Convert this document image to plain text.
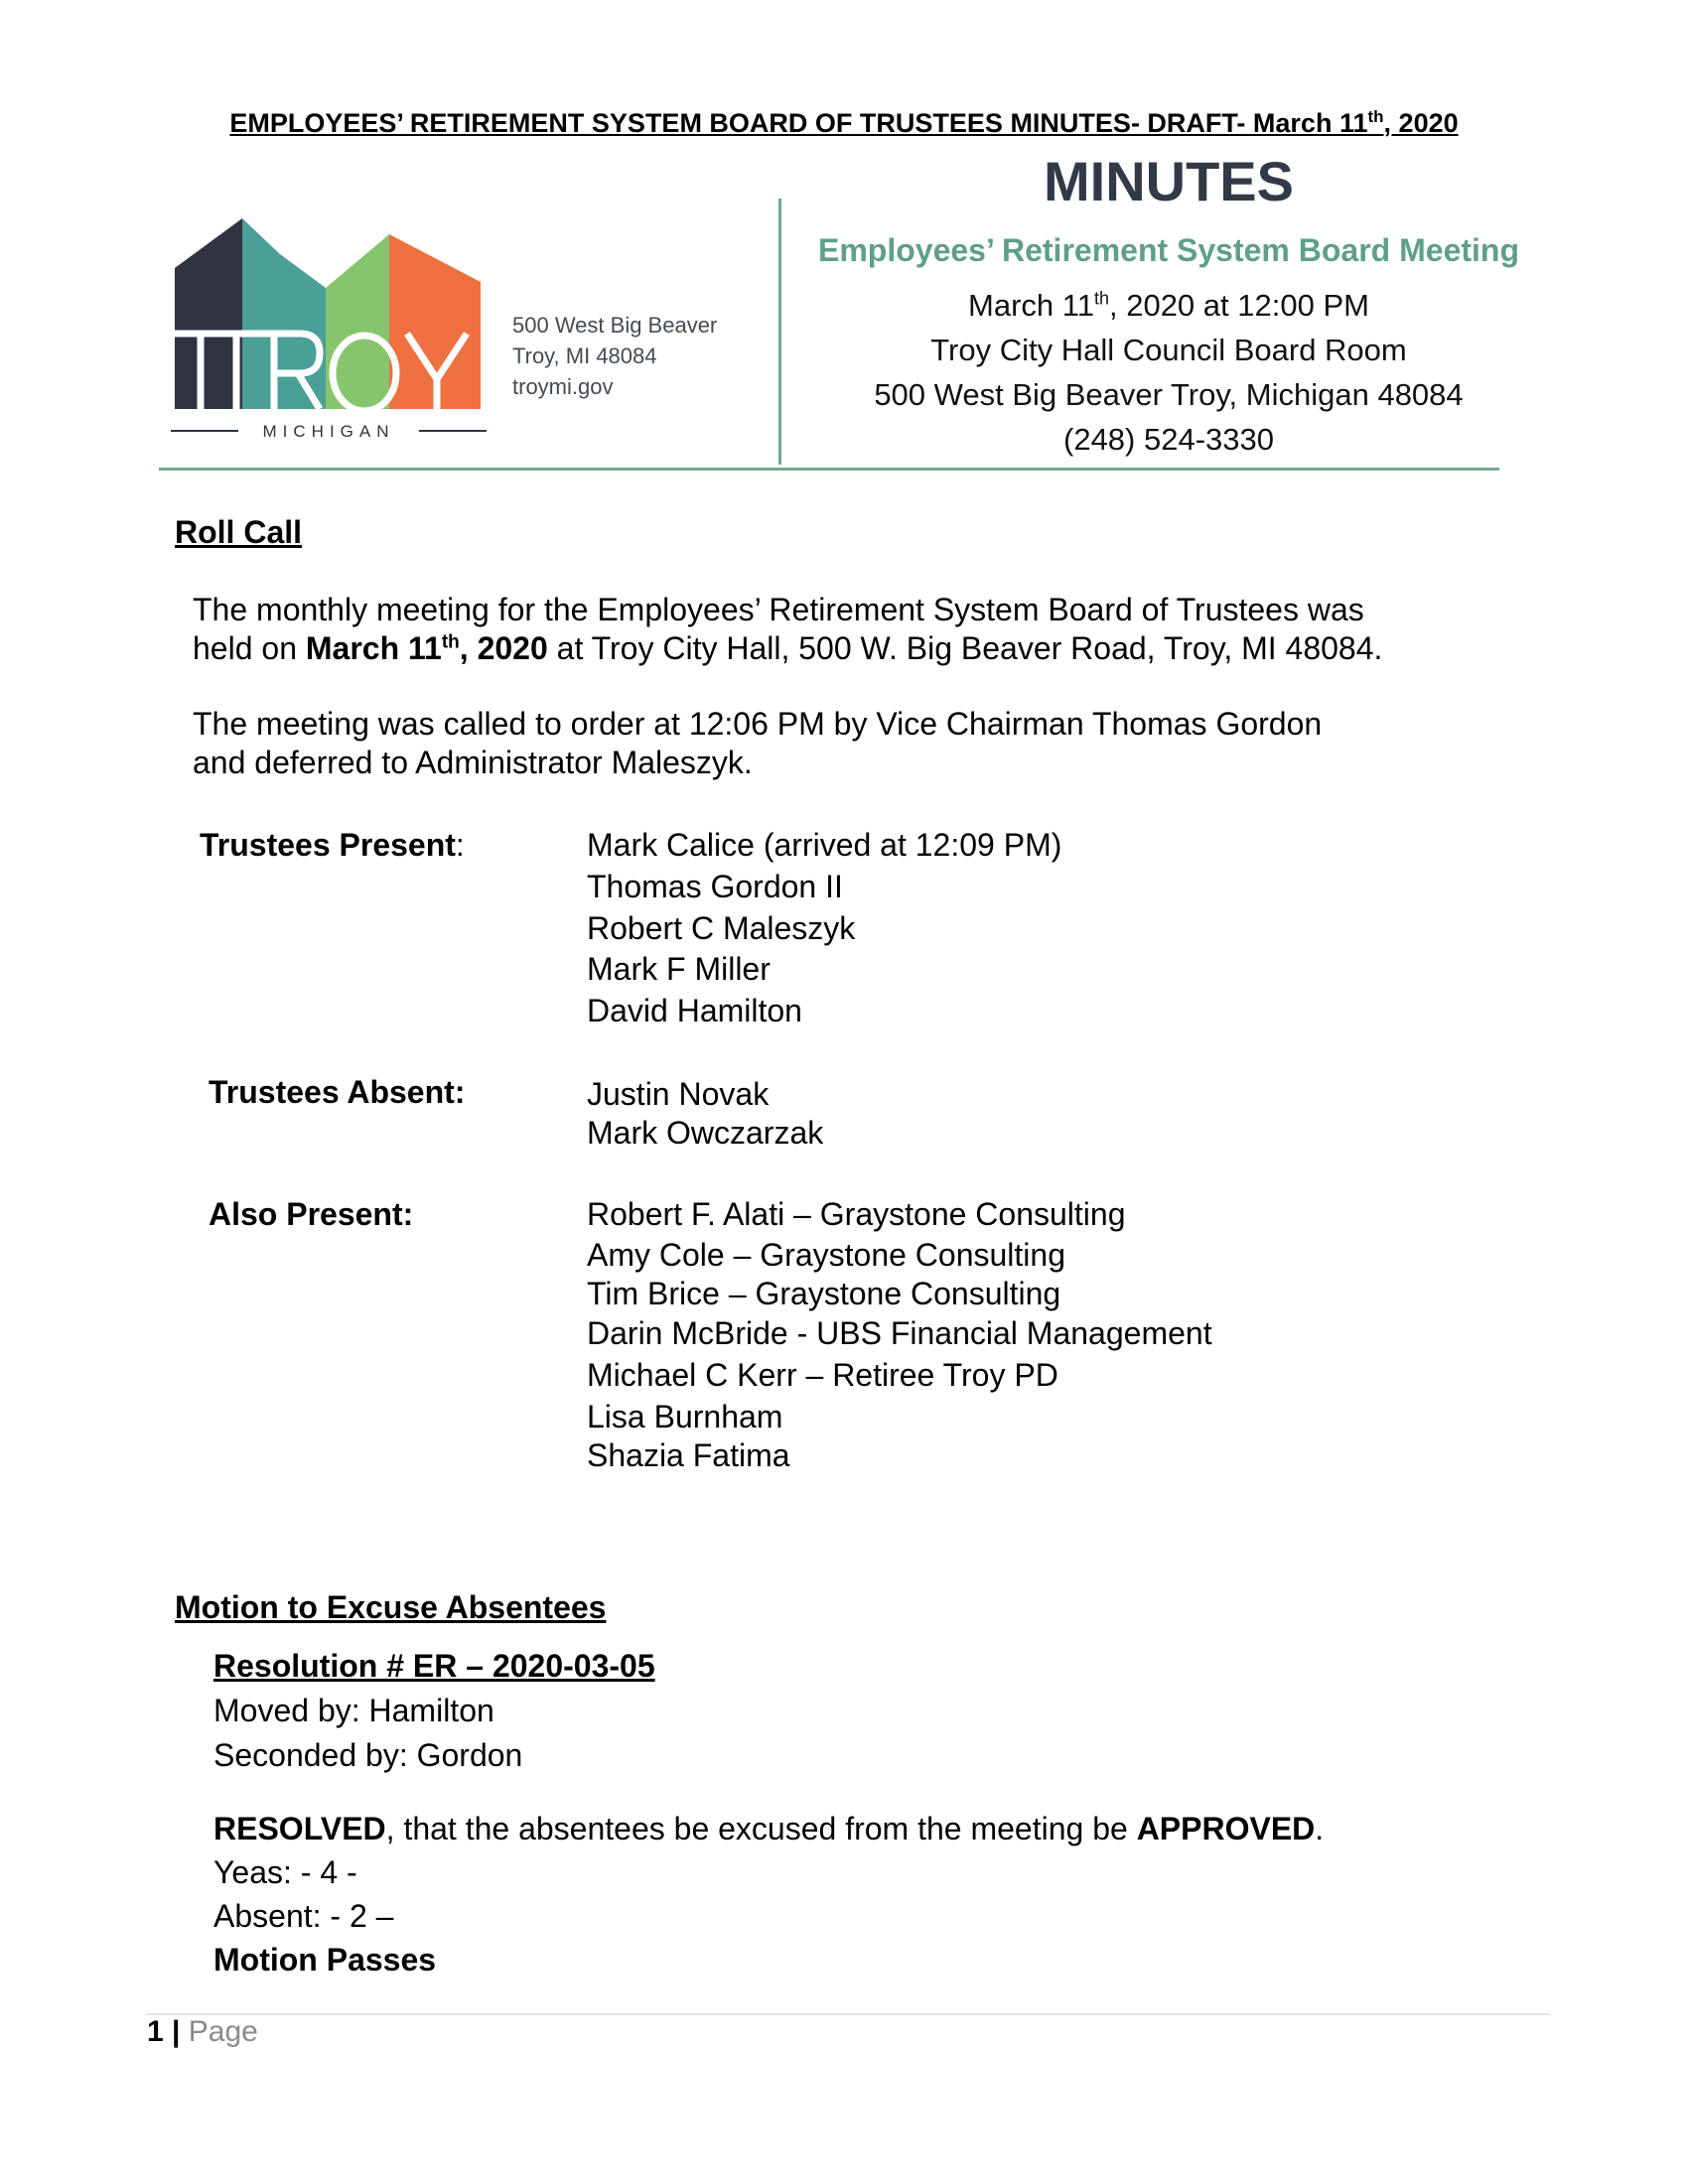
EMPLOYEES’ RETIREMENT SYSTEM BOARD OF TRUSTEES MINUTES- DRAFT- March 11th, 2020
MICHIGAN
500 West Big Beaver
Troy, MI 48084
troymi.gov
MINUTES
Employees’ Retirement System Board Meeting
March 11th, 2020 at 12:00 PM
Troy City Hall Council Board Room
500 West Big Beaver Troy, Michigan 48084
(248) 524-3330
Roll Call
The monthly meeting for the Employees’ Retirement System Board of Trustees was
held on March 11th, 2020 at Troy City Hall, 500 W. Big Beaver Road, Troy, MI 48084.
The meeting was called to order at 12:06 PM by Vice Chairman Thomas Gordon
and deferred to Administrator Maleszyk.
Trustees Present:	Mark Calice (arrived at 12:09 PM)
Thomas Gordon II
Robert C Maleszyk
Mark F Miller
David Hamilton
Trustees Absent:	Justin Novak
Mark Owczarzak
Also Present:	Robert F. Alati – Graystone Consulting
Amy Cole – Graystone Consulting
Tim Brice – Graystone Consulting
Darin McBride - UBS Financial Management
Michael C Kerr – Retiree Troy PD
Lisa Burnham
Shazia Fatima
Motion to Excuse Absentees
Resolution # ER – 2020-03-05
Moved by: Hamilton
Seconded by: Gordon
RESOLVED, that the absentees be excused from the meeting be APPROVED.
Yeas: - 4 -
Absent: - 2 –
Motion Passes
1 | Page
